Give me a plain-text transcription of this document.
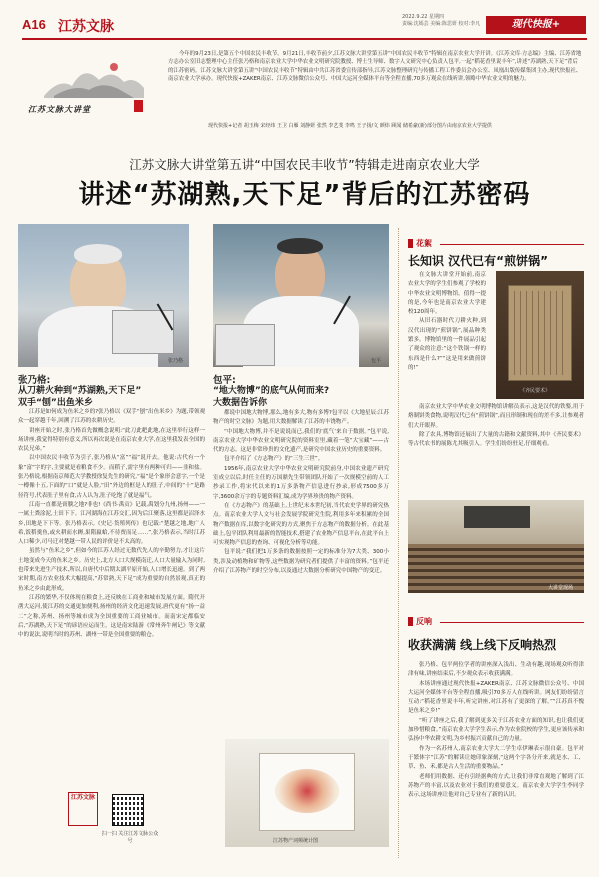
A16 江苏文脉
2022.9.22 星期四
责编:沈嫣芸 美编:陈思妍 校对:李凡	现代快报+
江苏文脉大讲堂
今年的9月23日,是第五个中国农民丰收节。9月21日,丰收节前夕,江苏文脉大讲堂第五讲“中国农民丰收节”特辑在南京农业大学开讲。《江苏文库·方志编》主编、江苏省地方志办公室旧志整理中心主任张乃格和南京农业大学中华农业文明研究院教授、博士生导师、数字人文研究中心负责人包平,一起“稻花香里说丰年”,讲述“苏湖熟,天下足”背后的江苏密码。江苏文脉大讲堂第五讲“中国农民丰收节”特辑由中共江苏省委宣传部指导,江苏文脉整理研究与传播工程工作委员会办公室、凤凰出版传媒集团主办,现代快报社、南京农业大学承办。现代快报+ZAKER南京、江苏文脉微信公众号、中国大运河全媒体平台等全程直播,70多万观众在线听讲,领略中华农业文明的魅力。
现代快报+记者 胡玉梅 宋经纬 王卫 白雁 刘静妍 张然 李艺斐 李鸣 王子扬/文 颜炜 顾闻 储希豪(新)部分图片由南京农业大学提供
江苏文脉大讲堂第五讲“中国农民丰收节”特辑走进南京农业大学
讲述“苏湖熟,天下足”背后的江苏密码
张乃格	包平
张乃格:
从刀耕火种到“苏湖熟,天下足”
双手“刨”出鱼米乡

江苏是如何成为鱼米之乡的?张乃格以《双手“刨”出鱼米乡》为题,带领观众一起穿越千年,回溯了江苏的农耕历史。

讲座开始之时,张乃格首先做概念说明:“此刀此耙此地,在这里举行这样一场讲座,我觉得特别有意义,所以再次说是在南京农业大学,在这里我发表全国的农民兄弟。”

以中国农民丰收节为引子,张乃格从“富”“福”说开去。他说:古代有一个象“富”字的字,主要就是看粮食不少。而稻子,需字里有两种可归——韭和盐。张乃格说,根据南京师范大学教授徐复先生的研究,“福”是个象形会意字,一个是一樽像十五,下面的“口”就是人脸,“田”外边的框是人的肚子,中间的“十”是路径符号,代表肚子里有食,古人认为,肚子吃饱了就是福气。

江南一直都是膏腴之地?非也!《尚书·禹贡》记载,禹划分九州,扬州——一一属土粪涂泥,土田下下。江河湖海在江苏交汇,因为后江聚落,这里都是沼泽水乡,田地是下下等。张乃格表示,《史记·货殖列传》也记载:“楚越之地,地广人希,饭稻羹鱼,或火耕而水耨,果隋嬴蛤,不待贾而足……”,张乃格表示,当时江苏人口稀少,司马迁对楚越一带人民的评价是不太高的。

虽然与“鱼米之乡”,但如今的江苏人经过无数代先人的辛勤努力,才让这片土地变成今天的鱼米之乡。历史上,北方人口大规模南迁,人口大量输入为同时,也带来先进生产技术,所以,自唐代中后期太湖平原开始,人口增长迅速。到了两宋时期,南方农业技术大幅提高,“苏常熟,天下足”成为重要的自然景观,真正的鱼米之乡由此形成。

江苏的繁华,不仅体现在粮食上,还反映在工商业和城市发展方面。隋代开凿大运河,使江苏的交通更加便利,扬州的经济文化迅速发展,唐代更有“扬一益二”之称,苏州、扬州等城市成为全国重要的工商业城市。而南宋定都临安后,“苏湖熟,天下足”的谚语应运而生。这是南宋陆游《常州奔牛闸记》等文献中的说法,说明当时的苏州、湖州一带是全国重要的粮仓。

江苏文脉
扫一扫 关注江苏文脉公众号
包平:
“地大物博”的底气从何而来?
大数据告诉你

都说中国地大物博,那么,地有多大,物有多博?包平以《大地星辰:江苏物产的时空文脉》为题,用大数据解读了江苏的丰饶物产。

“中国地大物博,并不是说说而已,我们的‘底气’来自于数据。”包平说,南京农业大学中华农业文明研究院的资料室里,藏着一笔“大宝藏”——古代的方志。这是非常珍贵的文化遗产,是研究中国农业历史的重要资料。

包平介绍了《方志物产》的“三生三世”。

1956年,南京农业大学中华农业文明研究院前身,中国农业遗产研究室成立以后,时任主任的万国鼎先生带领团队开始了一次规模空前的人工抄录工作,将宋代以来的1万多条物产信息进行抄录,形成7500多万字,3600余万字的专题资料汇编,成为学界珍贵的物产资料。

在《方志物产》的基础上,上世纪末本世纪初,当代农史学界的研究热点。南京农业大学人文与社会发展学院研究生院,利用多年来积累的全国物产数据在库,以数字化研究的方式,聚焦于方志物产的数据分析。在此基础上,包平团队利用最新的智能技术,搭建了农业物产信息平台,在此平台上可实现物产信息的查询、可视化分析等功能。

包平说:“我们把1万多条的数据按照一定的标准分为7大类、300小类,涉及动植物和矿物等,这些数据为研究者们提供了丰富的资料。”包平还介绍了江苏物产的时空分布,以及通过大数据分析研究中国物产的变迁。

江苏物产词频统计图
花絮
长知识 汉代已有“煎饼锅”

在文脉大讲堂开始前,南京农业大学的学生们参观了学校的中华农业文明博物馆。值得一提的是,今年也是南京农业大学建校120周年。

从旧石器时代刀耕火种,到汉代出现的“煎饼锅”,展品种类繁多。博物馆里的一件展品引起了观众的注意:“这个铁锅一样的东西是什么?”“这是用来做煎饼的!”

《齐民要术》

南京农业大学中华农业文明博物馆讲解员表示,这是汉代的铁鏊,用于烙制饼类食物,说明汉代已有“煎饼锅”,而且形制和现在的差不多,让参观者们大开眼界。

除了农具,博物馆还展出了大量的古籍和文献资料,其中《齐民要术》等古代农书的展陈尤其吸引人。学生们纷纷驻足,仔细观看。

大讲堂现场
反响
收获满满 线上线下反响热烈

张乃格、包平两位学者的讲座深入浅出、生动有趣,现场观众听得津津有味,讲座结束后,不少观众表示收获满满。

本场讲座通过现代快报+ZAKER南京、江苏文脉微信公众号、中国大运河全媒体平台等全程直播,吸引70多万人在线听讲。网友们纷纷留言互动:“稻花香里说丰年,听完讲座,对江苏有了更深的了解。”“江苏真不愧是鱼米之乡!”

“听了讲座之后,我了解到更多关于江苏农业方面的知识,也让我们更加珍惜粮食。”南京农业大学学生表示,作为农业院校的学生,更应该传承和弘扬中华农耕文明,为乡村振兴贡献自己的力量。

作为一名苏州人,南京农业大学大二学生卓伊琳表示很自豪。包平对于繁体字“江苏”的解读让她印象深刻,“这两个字各分开来,就是水、工、草、鱼、禾,都是古人生活的重要物品。”

老师们用数据、还有引经据典的方式,让我们非常直观地了解到了江苏物产的丰富,以及农业对于我们的重要意义。南京农业大学学生李同学表示,这场讲座让他对自己专业有了新的认识。
